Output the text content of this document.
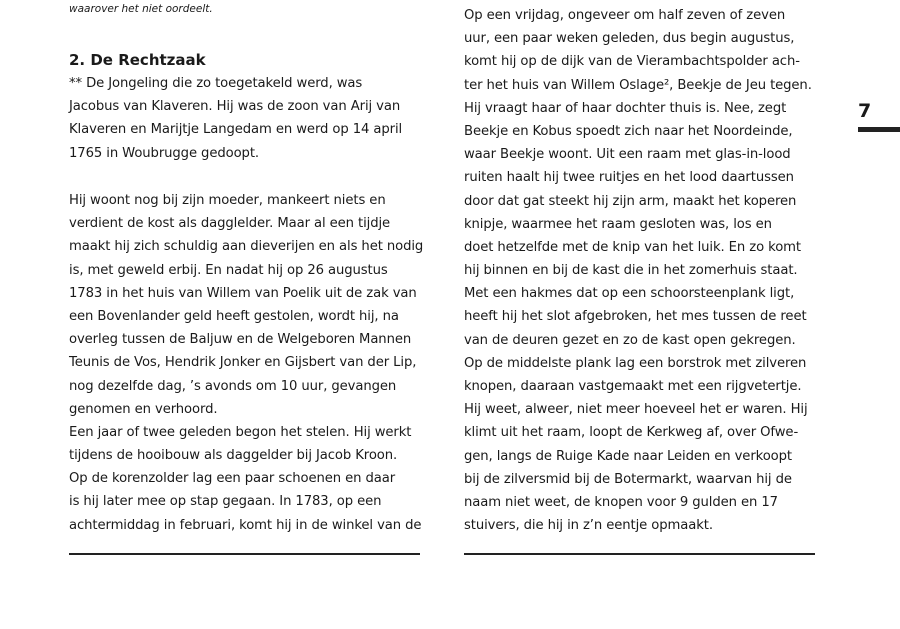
waarover het niet oordeelt.
2. De Rechtzaak
** De Jongeling die zo toegetakeld werd, was
Jacobus van Klaveren. Hij was de zoon van Arij van
Klaveren en Marijtje Langedam en werd op 14 april
1765 in Woubrugge gedoopt.
Hij woont nog bij zijn moeder, mankeert niets en
verdient de kost als dagglelder. Maar al een tijdje
maakt hij zich schuldig aan dieverijen en als het nodig
is, met geweld erbij. En nadat hij op 26 augustus
1783 in het huis van Willem van Poelik uit de zak van
een Bovenlander geld heeft gestolen, wordt hij, na
overleg tussen de Baljuw en de Welgeboren Mannen
Teunis de Vos, Hendrik Jonker en Gijsbert van der Lip,
nog dezelfde dag, ’s avonds om 10 uur, gevangen
genomen en verhoord.
Een jaar of twee geleden begon het stelen. Hij werkt
tijdens de hooibouw als daggelder bij Jacob Kroon.
Op de korenzolder lag een paar schoenen en daar
is hij later mee op stap gegaan. In 1783, op een
achtermiddag in februari, komt hij in de winkel van de
Op een vrijdag, ongeveer om half zeven of zeven
uur, een paar weken geleden, dus begin augustus,
komt hij op de dijk van de Vierambachtspolder ach-
ter het huis van Willem Oslage², Beekje de Jeu tegen.
Hij vraagt haar of haar dochter thuis is. Nee, zegt
Beekje en Kobus spoedt zich naar het Noordeinde,
waar Beekje woont. Uit een raam met glas-in-lood
ruiten haalt hij twee ruitjes en het lood daartussen
door dat gat steekt hij zijn arm, maakt het koperen
knipje, waarmee het raam gesloten was, los en
doet hetzelfde met de knip van het luik. En zo komt
hij binnen en bij de kast die in het zomerhuis staat.
Met een hakmes dat op een schoorsteenplank ligt,
heeft hij het slot afgebroken, het mes tussen de reet
van de deuren gezet en zo de kast open gekregen.
Op de middelste plank lag een borstrok met zilveren
knopen, daaraan vastgemaakt met een rijgvetertje.
Hij weet, alweer, niet meer hoeveel het er waren. Hij
klimt uit het raam, loopt de Kerkweg af, over Ofwe-
gen, langs de Ruige Kade naar Leiden en verkoopt
bij de zilversmid bij de Botermarkt, waarvan hij de
naam niet weet, de knopen voor 9 gulden en 17
stuivers, die hij in z’n eentje opmaakt.
7
